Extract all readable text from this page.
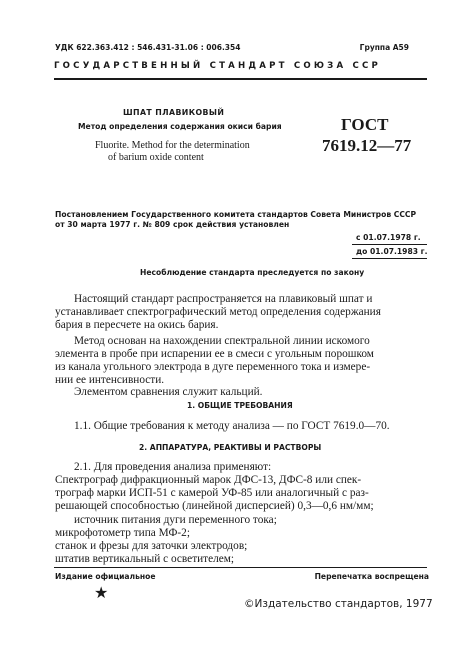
УДК 622.363.412 : 546.431-31.06 : 006.354	Группа А59
ГОСУДАРСТВЕННЫЙ СТАНДАРТ СОЮЗА ССР
ШПАТ ПЛАВИКОВЫЙ
Метод определения содержания окиси бария
Fluorite. Method for the determination
of barium oxide content
ГОСТ
7619.12—77
Постановлением Государственного комитета стандартов Совета Министров СССР
от 30 марта 1977 г. № 809 срок действия установлен
с 01.07.1978 г.
до 01.07.1983 г.
Несоблюдение стандарта преследуется по закону
Настоящий стандарт распространяется на плавиковый шпат и
устанавливает спектрографический метод определения содержания
бария в пересчете на окись бария.
Метод основан на нахождении спектральной линии искомого
элемента в пробе при испарении ее в смеси с угольным порошком
из канала угольного электрода в дуге переменного тока и измере-
нии ее интенсивности.
Элементом сравнения служит кальций.
1. ОБЩИЕ ТРЕБОВАНИЯ
1.1. Общие требования к методу анализа — по ГОСТ 7619.0—70.
2. АППАРАТУРА, РЕАКТИВЫ И РАСТВОРЫ
2.1. Для проведения анализа применяют:
Спектрограф дифракционный марок ДФС-13, ДФС-8 или спек-
трограф марки ИСП-51 с камерой УФ-85 или аналогичный с раз-
решающей способностью (линейной дисперсией) 0,3—0,6 нм/мм;
источник питания дуги переменного тока;
микрофотометр типа МФ-2;
станок и фрезы для заточки электродов;
штатив вертикальный с осветителем;
Издание официальное	Перепечатка воспрещена
★
©Издательство стандартов, 1977
